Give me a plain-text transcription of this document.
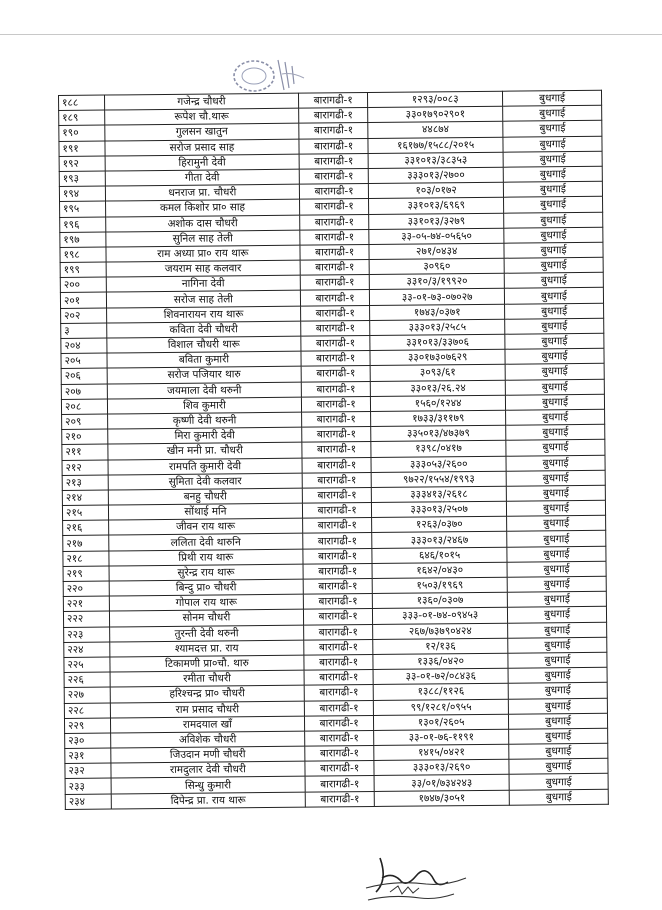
१८८	गजेन्द्र चौधरी	बारागढी-१	१२९३/००८३	बुधगाई
१८९	रूपेश चौ.थारू	बारागढी-१	३३०१७९०२९०१	बुधगाई
१९०	गुलसन खातुन	बारागढी-१	४४८७४	बुधगाई
१९१	सरोज प्रसाद साह	बारागढी-१	१६१७७/१५८८/२०१५	बुधगाई
१९२	हिरामुनी देवी	बारागढी-१	३३१०१३/३८३५३	बुधगाई
१९३	गीता देवी	बारागढी-१	३३३०१३/२७००	बुधगाई
१९४	धनराज प्रा. चौधरी	बारागढी-१	१०३/०१७२	बुधगाई
१९५	कमल किशोर प्रा० साह	बारागढी-१	३३१०१३/६९६९	बुधगाई
१९६	अशोक दास चौधरी	बारागढी-१	३३१०१३/३२७९	बुधगाई
१९७	सुनिल साह तेली	बारागढी-१	३३-०५-७४-०५६५०	बुधगाई
१९८	राम अध्या प्रा० राय थारू	बारागढी-१	२७१/०४३४	बुधगाई
१९९	जयराम साह कलवार	बारागढी-१	३०९६०	बुधगाई
२००	नागिना देवी	बारागढी-१	३३१०/३/१९९२०	बुधगाई
२०१	सरोज साह तेली	बारागढी-१	३३-०१-७३-०७०२७	बुधगाई
२०२	शिवनारायन राय थारू	बारागढी-१	१७४३/०३७१	बुधगाई
३	कविता देवी चौधरी	बारागढी-१	३३३०१३/२५८५	बुधगाई
२०४	विशाल चौधरी थारू	बारागढी-१	३३१०१३/३३७०६	बुधगाई
२०५	बविता कुमारी	बारागढी-१	३३०१७३०७६२९	बुधगाई
२०६	सरोज पजियार थारु	बारागढी-१	३०९३/६१	बुधगाई
२०७	जयमाला देवी थरुनी	बारागढी-१	३३०१३/२६.२४	बुधगाई
२०८	शिव कुमारी	बारागढी-१	१५६०/१२४४	बुधगाई
२०९	कृष्णी देवी थरुनी	बारागढी-१	१७३३/३११७९	बुधगाई
२१०	मिरा कुमारी देवी	बारागढी-१	३३५०१३/४७३७९	बुधगाई
२११	खीन मनी प्रा. चौधरी	बारागढी-१	१३९८/०४१७	बुधगाई
२१२	रामपति कुमारी देवी	बारागढी-१	३३३०५३/२६००	बुधगाई
२१३	सुमिता देवी कलवार	बारागढी-१	९७२२/१५५४/१९९३	बुधगाई
२१४	बनहु चौधरी	बारागढी-१	३३३४१३/२६१८	बुधगाई
२१५	सोंथाई मनि	बारागढी-१	३३३०१३/२५०७	बुधगाई
२१६	जीवन राय थारू	बारागढी-१	१२६३/०३७०	बुधगाई
२१७	ललिता देवी थारुनि	बारागढी-१	३३३०१३/२४६७	बुधगाई
२१८	प्रिथी राय थारू	बारागढी-१	६४६/१०१५	बुधगाई
२१९	सुरेन्द्र राय थारू	बारागढी-१	१६४२/०४३०	बुधगाई
२२०	बिन्दु प्रा० चौधरी	बारागढी-१	१५०३/१९६९	बुधगाई
२२१	गोपाल राय थारू	बारागढी-१	१३६०/०३०७	बुधगाई
२२२	सोनम चौधरी	बारागढी-१	३३३-०१-७४-०९४५३	बुधगाई
२२३	तुरन्ती देवी थरुनी	बारागढी-१	२६७/७३७९०४२४	बुधगाई
२२४	श्यामदत्त प्रा. राय	बारागढी-१	१२/१३६	बुधगाई
२२५	टिकामणी प्रा०चौ. थारु	बारागढी-१	१३३६/०४२०	बुधगाई
२२६	रमीता चौधरी	बारागढी-१	३३-०१-७२/०८४३६	बुधगाई
२२७	हरिश्चन्द्र प्रा० चौधरी	बारागढी-१	१३८८/११२६	बुधगाई
२२८	राम प्रसाद चौधरी	बारागढी-१	९९/१२८१/०९५५	बुधगाई
२२९	रामदयाल खाँ	बारागढी-१	१३०१/२६०५	बुधगाई
२३०	अविशेक चौधरी	बारागढी-१	३३-०१-७६-११९१	बुधगाई
२३१	जिउदान मणी चौधरी	बारागढी-१	१४१५/०४२१	बुधगाई
२३२	रामदुलार देवी चौधरी	बारागढी-१	३३३०१३/२६९०	बुधगाई
२३३	सिन्धु कुमारी	बारागढी-१	३३/०१/७३४२४३	बुधगाई
२३४	दिपेन्द्र प्रा. राय थारू	बारागढी-१	१७४७/३०५१	बुधगाई
